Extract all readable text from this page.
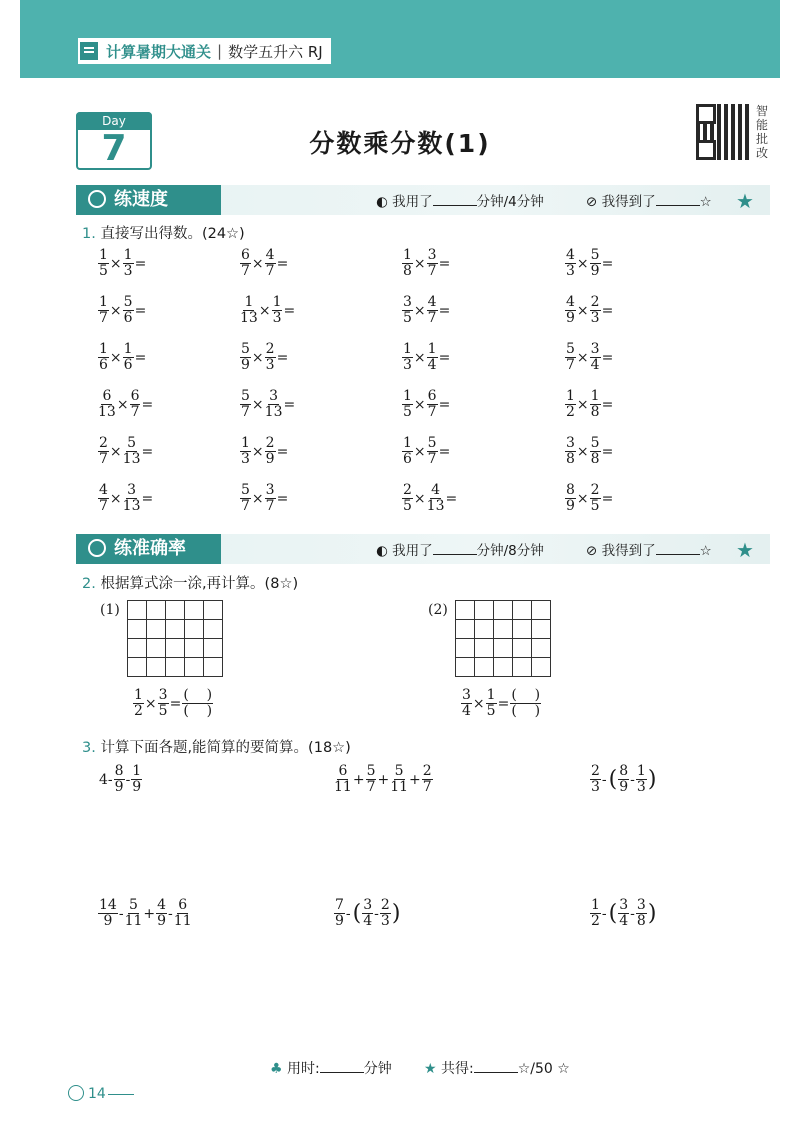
计算暑期大通关 | 数学五升六 RJ
Day
7	分数乘分数(1)
智能批改
练速度	◐ 我用了	分钟/4分钟	⊘ 我得到了	☆ ★
1. 直接写出得数。(24☆)
$\frac{1}{5} \times \frac{1}{3}$ =	$\frac{6}{7} \times \frac{4}{7}$ =	$\frac{1}{8} \times \frac{3}{7}$ =	$\frac{4}{3} \times \frac{5}{9}$ =
$\frac{1}{7} \times \frac{5}{6}$ =	$\frac{1}{13} \times \frac{1}{3}$ =	$\frac{3}{5} \times \frac{4}{7}$ =	$\frac{4}{9} \times \frac{2}{3}$ =
$\frac{1}{6} \times \frac{1}{6}$ =	$\frac{5}{9} \times \frac{2}{3}$ =	$\frac{1}{3} \times \frac{1}{4}$ =	$\frac{5}{7} \times \frac{3}{4}$ =
$\frac{6}{13} \times \frac{6}{7}$ =	$\frac{5}{7} \times \frac{3}{13}$ =	$\frac{1}{5} \times \frac{6}{7}$ =	$\frac{1}{2} \times \frac{1}{8}$ =
$\frac{2}{7} \times \frac{5}{13}$ =	$\frac{1}{3} \times \frac{2}{9}$ =	$\frac{1}{6} \times \frac{5}{7}$ =	$\frac{3}{8} \times \frac{5}{8}$ =
$\frac{4}{7} \times \frac{3}{13}$ =	$\frac{5}{7} \times \frac{3}{7}$ =	$\frac{2}{5} \times \frac{4}{13}$ =	$\frac{8}{9} \times \frac{2}{5}$ =
练准确率	◐ 我用了	分钟/8分钟	⊘ 我得到了	☆ ★
2. 根据算式涂一涂,再计算。(8☆)
(1)

$\frac{1}{2} \times \frac{3}{5} = \frac{( )}{( )}$
(2)

$\frac{3}{4} \times \frac{1}{5} = \frac{( )}{( )}$
3. 计算下面各题,能简算的要简算。(18☆)
$4- \frac{8}{9} - \frac{1}{9}$	$\frac{6}{11} + \frac{5}{7} + \frac{5}{11} + \frac{2}{7}$	$\frac{2}{3}$ -( $\frac{8}{9} - \frac{1}{3}$ )
$\frac{14}{9} - \frac{5}{11} + \frac{4}{9} - \frac{6}{11}$	$\frac{7}{9}$ -( $\frac{3}{4} - \frac{2}{3}$ )	$\frac{1}{2}$ -( $\frac{3}{4} - \frac{3}{8}$ )
♣ 用时:	分钟 ★ 共得:	☆/50 ☆
14
